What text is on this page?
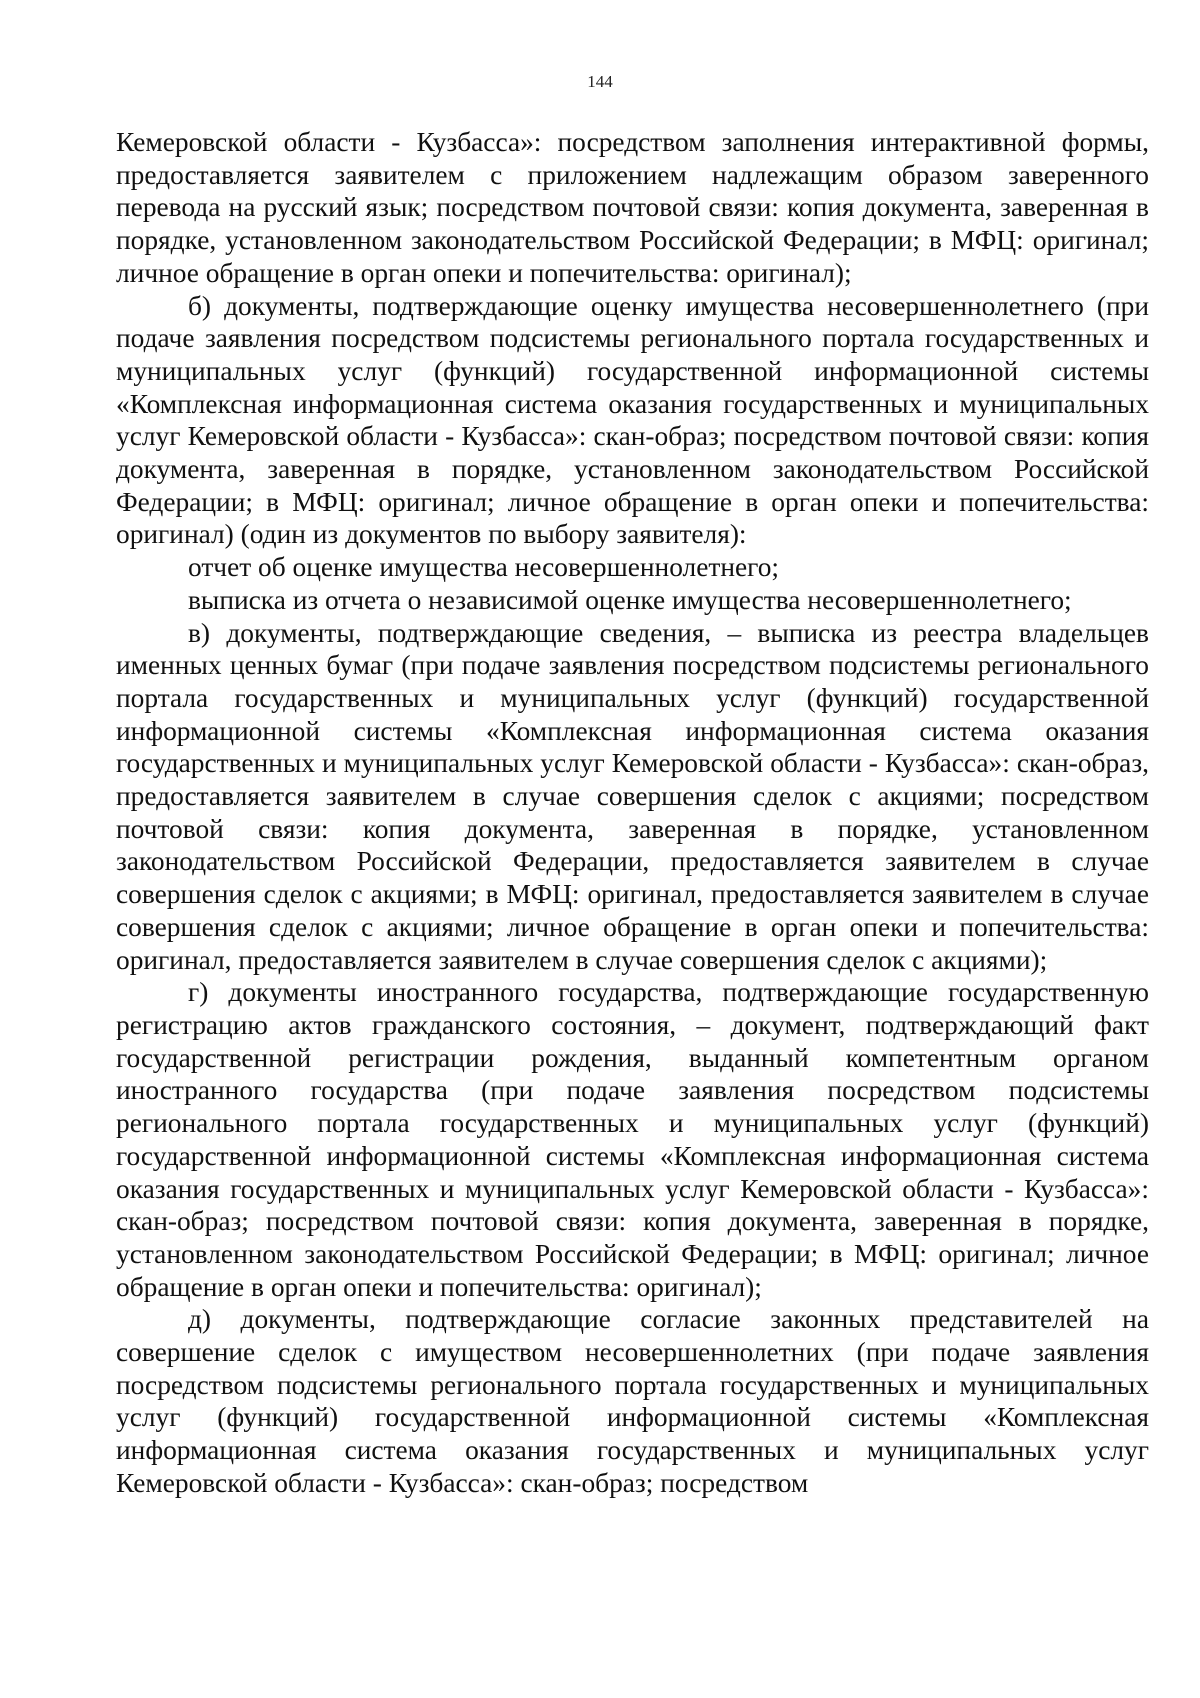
144

Кемеровской области - Кузбасса»: посредством заполнения интерактивной формы, предоставляется заявителем с приложением надлежащим образом заверенного перевода на русский язык; посредством почтовой связи: копия документа, заверенная в порядке, установленном законодательством Российской Федерации; в МФЦ: оригинал; личное обращение в орган опеки и попечительства: оригинал);

б) документы, подтверждающие оценку имущества несовершеннолетнего (при подаче заявления посредством подсистемы регионального портала государственных и муниципальных услуг (функций) государственной информационной системы «Комплексная информационная система оказания государственных и муниципальных услуг Кемеровской области - Кузбасса»: скан-образ; посредством почтовой связи: копия документа, заверенная в порядке, установленном законодательством Российской Федерации; в МФЦ: оригинал; личное обращение в орган опеки и попечительства: оригинал) (один из документов по выбору заявителя):

отчет об оценке имущества несовершеннолетнего;

выписка из отчета о независимой оценке имущества несовершеннолетнего;

в) документы, подтверждающие сведения, – выписка из реестра владельцев именных ценных бумаг (при подаче заявления посредством подсистемы регионального портала государственных и муниципальных услуг (функций) государственной информационной системы «Комплексная информационная система оказания государственных и муниципальных услуг Кемеровской области - Кузбасса»: скан-образ, предоставляется заявителем в случае совершения сделок с акциями; посредством почтовой связи: копия документа, заверенная в порядке, установленном законодательством Российской Федерации, предоставляется заявителем в случае совершения сделок с акциями; в МФЦ: оригинал, предоставляется заявителем в случае совершения сделок с акциями; личное обращение в орган опеки и попечительства: оригинал, предоставляется заявителем в случае совершения сделок с акциями);

г) документы иностранного государства, подтверждающие государственную регистрацию актов гражданского состояния, – документ, подтверждающий факт государственной регистрации рождения, выданный компетентным органом иностранного государства (при подаче заявления посредством подсистемы регионального портала государственных и муниципальных услуг (функций) государственной информационной системы «Комплексная информационная система оказания государственных и муниципальных услуг Кемеровской области - Кузбасса»: скан-образ; посредством почтовой связи: копия документа, заверенная в порядке, установленном законодательством Российской Федерации; в МФЦ: оригинал; личное обращение в орган опеки и попечительства: оригинал);

д) документы, подтверждающие согласие законных представителей на совершение сделок с имуществом несовершеннолетних (при подаче заявления посредством подсистемы регионального портала государственных и муниципальных услуг (функций) государственной информационной системы «Комплексная информационная система оказания государственных и муниципальных услуг Кемеровской области - Кузбасса»: скан-образ; посредством
